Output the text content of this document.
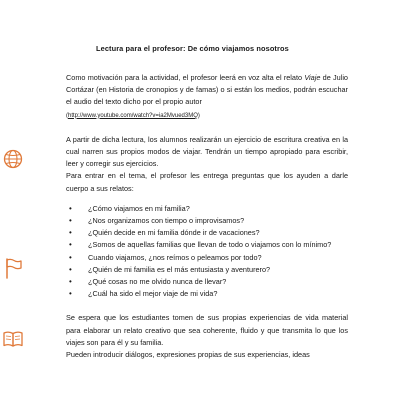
Lectura para el profesor: De cómo viajamos nosotros

Como motivación para la actividad, el profesor leerá en voz alta el relato Viaje de Julio Cortázar (en Historia de cronopios y de famas) o si están los medios, podrán escuchar el audio del texto dicho por el propio autor

(http://www.youtube.com/watch?v=ia2Mvued3MQ)

A partir de dicha lectura, los alumnos realizarán un ejercicio de escritura creativa en la cual narren sus propios modos de viajar. Tendrán un tiempo apropiado para escribir, leer y corregir sus ejercicios.

Para entrar en el tema, el profesor les entrega preguntas que los ayuden a darle cuerpo a sus relatos:

• ¿Cómo viajamos en mi familia?
• ¿Nos organizamos con tiempo o improvisamos?
• ¿Quién decide en mi familia dónde ir de vacaciones?
• ¿Somos de aquellas familias que llevan de todo o viajamos con lo mínimo?
• Cuando viajamos, ¿nos reímos o peleamos por todo?
• ¿Quién de mi familia es el más entusiasta y aventurero?
• ¿Qué cosas no me olvido nunca de llevar?
• ¿Cuál ha sido el mejor viaje de mi vida?

Se espera que los estudiantes tomen de sus propias experiencias de vida material para elaborar un relato creativo que sea coherente, fluido y que transmita lo que los viajes son para él y su familia.

Pueden introducir diálogos, expresiones propias de sus experiencias, ideas
